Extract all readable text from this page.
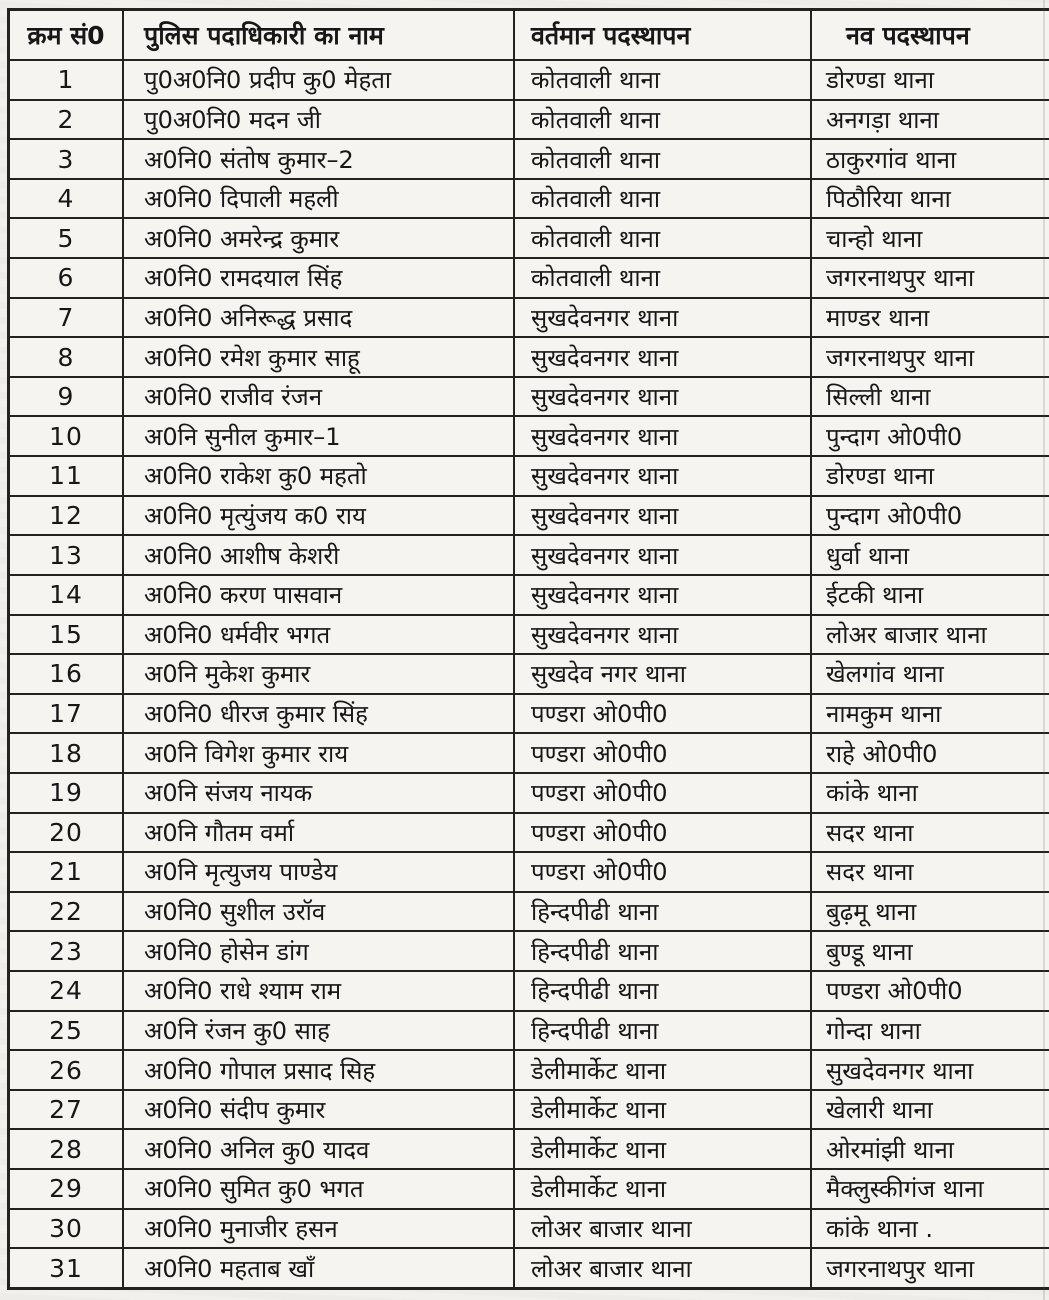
क्रम सं0	पुलिस पदाधिकारी का नाम	वर्तमान पदस्थापन	नव पदस्थापन
1	पु0अ0नि0 प्रदीप कु0 मेहता	कोतवाली थाना	डोरण्डा थाना
2	पु0अ0नि0 मदन जी	कोतवाली थाना	अनगड़ा थाना
3	अ0नि0 संतोष कुमार–2	कोतवाली थाना	ठाकुरगांव थाना
4	अ0नि0 दिपाली महली	कोतवाली थाना	पिठौरिया थाना
5	अ0नि0 अमरेन्द्र कुमार	कोतवाली थाना	चान्हो थाना
6	अ0नि0 रामदयाल सिंह	कोतवाली थाना	जगरनाथपुर थाना
7	अ0नि0 अनिरूद्ध प्रसाद	सुखदेवनगर थाना	माण्डर थाना
8	अ0नि0 रमेश कुमार साहू	सुखदेवनगर थाना	जगरनाथपुर थाना
9	अ0नि0 राजीव रंजन	सुखदेवनगर थाना	सिल्ली थाना
10	अ0नि सुनील कुमार–1	सुखदेवनगर थाना	पुन्दाग ओ0पी0
11	अ0नि0 राकेश कु0 महतो	सुखदेवनगर थाना	डोरण्डा थाना
12	अ0नि0 मृत्युंजय क0 राय	सुखदेवनगर थाना	पुन्दाग ओ0पी0
13	अ0नि0 आशीष केशरी	सुखदेवनगर थाना	धुर्वा थाना
14	अ0नि0 करण पासवान	सुखदेवनगर थाना	ईटकी थाना
15	अ0नि0 धर्मवीर भगत	सुखदेवनगर थाना	लोअर बाजार थाना
16	अ0नि मुकेश कुमार	सुखदेव नगर थाना	खेलगांव थाना
17	अ0नि0 धीरज कुमार सिंह	पण्डरा ओ0पी0	नामकुम थाना
18	अ0नि विगेश कुमार राय	पण्डरा ओ0पी0	राहे ओ0पी0
19	अ0नि संजय नायक	पण्डरा ओ0पी0	कांके थाना
20	अ0नि गौतम वर्मा	पण्डरा ओ0पी0	सदर थाना
21	अ0नि मृत्युजय पाण्डेय	पण्डरा ओ0पी0	सदर थाना
22	अ0नि0 सुशील उरॉव	हिन्दपीढी थाना	बुढ़मू थाना
23	अ0नि0 होसेन डांग	हिन्दपीढी थाना	बुण्डू थाना
24	अ0नि0 राधे श्याम राम	हिन्दपीढी थाना	पण्डरा ओ0पी0
25	अ0नि रंजन कु0 साह	हिन्दपीढी थाना	गोन्दा थाना
26	अ0नि0 गोपाल प्रसाद सिह	डेलीमार्केट थाना	सुखदेवनगर थाना
27	अ0नि0 संदीप कुमार	डेलीमार्केट थाना	खेलारी थाना
28	अ0नि0 अनिल कु0 यादव	डेलीमार्केट थाना	ओरमांझी थाना
29	अ0नि0 सुमित कु0 भगत	डेलीमार्केट थाना	मैक्लुस्कीगंज थाना
30	अ0नि0 मुनाजीर हसन	लोअर बाजार थाना	कांके थाना .
31	अ0नि0 महताब खाँ	लोअर बाजार थाना	जगरनाथपुर थाना
